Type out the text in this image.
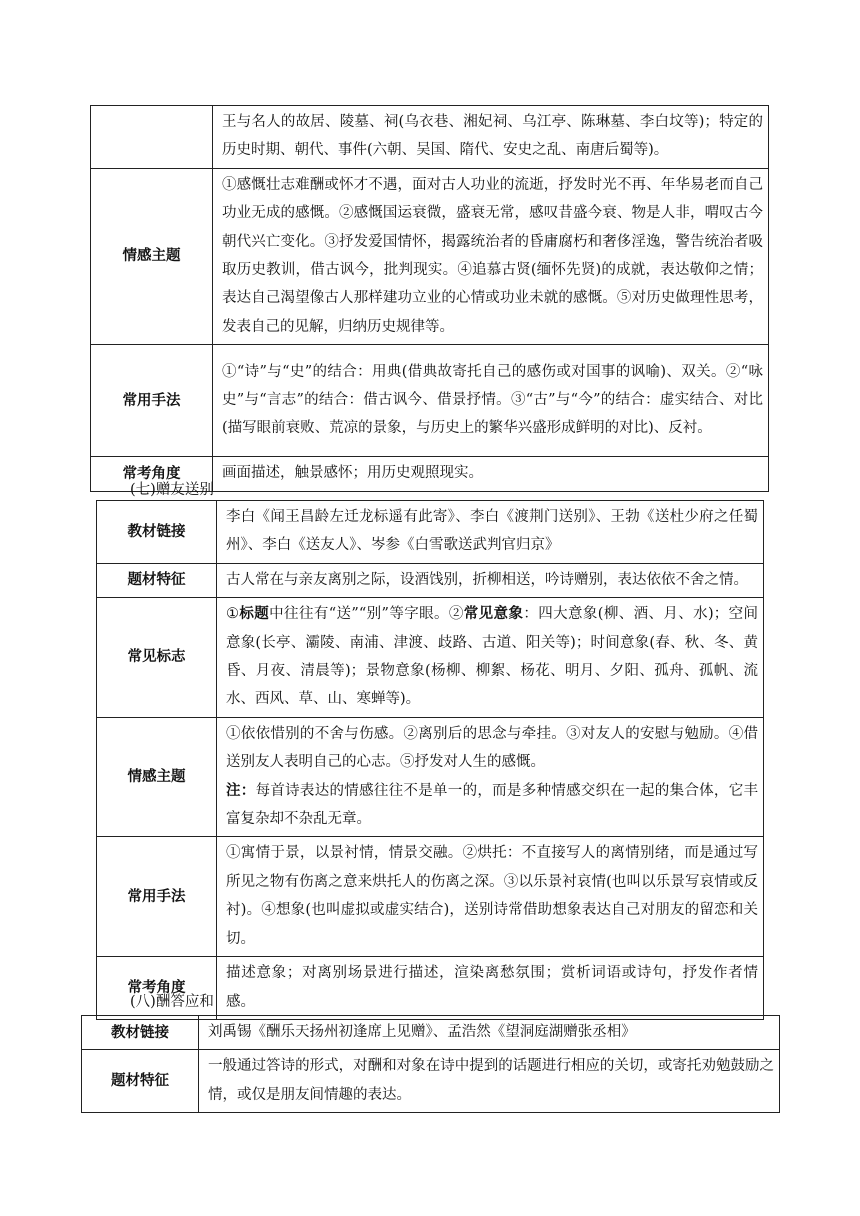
	王与名人的故居、陵墓、祠(乌衣巷、湘妃祠、乌江亭、陈琳墓、李白坟等)；特定的历史时期、朝代、事件(六朝、吴国、隋代、安史之乱、南唐后蜀等)。
情感主题	①感慨壮志难酬或怀才不遇，面对古人功业的流逝，抒发时光不再、年华易老而自己功业无成的感慨。②感慨国运衰微，盛衰无常，感叹昔盛今衰、物是人非，喟叹古今朝代兴亡变化。③抒发爱国情怀，揭露统治者的昏庸腐朽和奢侈淫逸，警告统治者吸取历史教训，借古讽今，批判现实。④追慕古贤(缅怀先贤)的成就，表达敬仰之情；表达自己渴望像古人那样建功立业的心情或功业未就的感慨。⑤对历史做理性思考，发表自己的见解，归纳历史规律等。
常用手法	①“诗”与“史”的结合：用典(借典故寄托自己的感伤或对国事的讽喻)、双关。②“咏史”与“言志”的结合：借古讽今、借景抒情。③“古”与“今”的结合：虚实结合、对比(描写眼前衰败、荒凉的景象，与历史上的繁华兴盛形成鲜明的对比)、反衬。
常考角度	画面描述，触景感怀；用历史观照现实。
(七)赠友送别
教材链接	李白《闻王昌龄左迁龙标遥有此寄》、李白《渡荆门送别》、王勃《送杜少府之任蜀州》、李白《送友人》、岑参《白雪歌送武判官归京》
题材特征	古人常在与亲友离别之际，设酒饯别，折柳相送，吟诗赠别，表达依依不舍之情。
常见标志	①标题中往往有“送”“别”等字眼。②常见意象：四大意象(柳、酒、月、水)；空间意象(长亭、灞陵、南浦、津渡、歧路、古道、阳关等)；时间意象(春、秋、冬、黄昏、月夜、清晨等)；景物意象(杨柳、柳絮、杨花、明月、夕阳、孤舟、孤帆、流水、西风、草、山、寒蝉等)。
情感主题	①依依惜别的不舍与伤感。②离别后的思念与牵挂。③对友人的安慰与勉励。④借送别友人表明自己的心志。⑤抒发对人生的感慨。
注：每首诗表达的情感往往不是单一的，而是多种情感交织在一起的集合体，它丰富复杂却不杂乱无章。

常用手法	①寓情于景，以景衬情，情景交融。②烘托：不直接写人的离情别绪，而是通过写所见之物有伤离之意来烘托人的伤离之深。③以乐景衬哀情(也叫以乐景写哀情或反衬)。④想象(也叫虚拟或虚实结合)，送别诗常借助想象表达自己对朋友的留恋和关切。
常考角度	描述意象；对离别场景进行描述，渲染离愁氛围；赏析词语或诗句，抒发作者情感。
(八)酬答应和
教材链接	刘禹锡《酬乐天扬州初逢席上见赠》、孟浩然《望洞庭湖赠张丞相》
题材特征	一般通过答诗的形式，对酬和对象在诗中提到的话题进行相应的关切，或寄托劝勉鼓励之情，或仅是朋友间情趣的表达。
